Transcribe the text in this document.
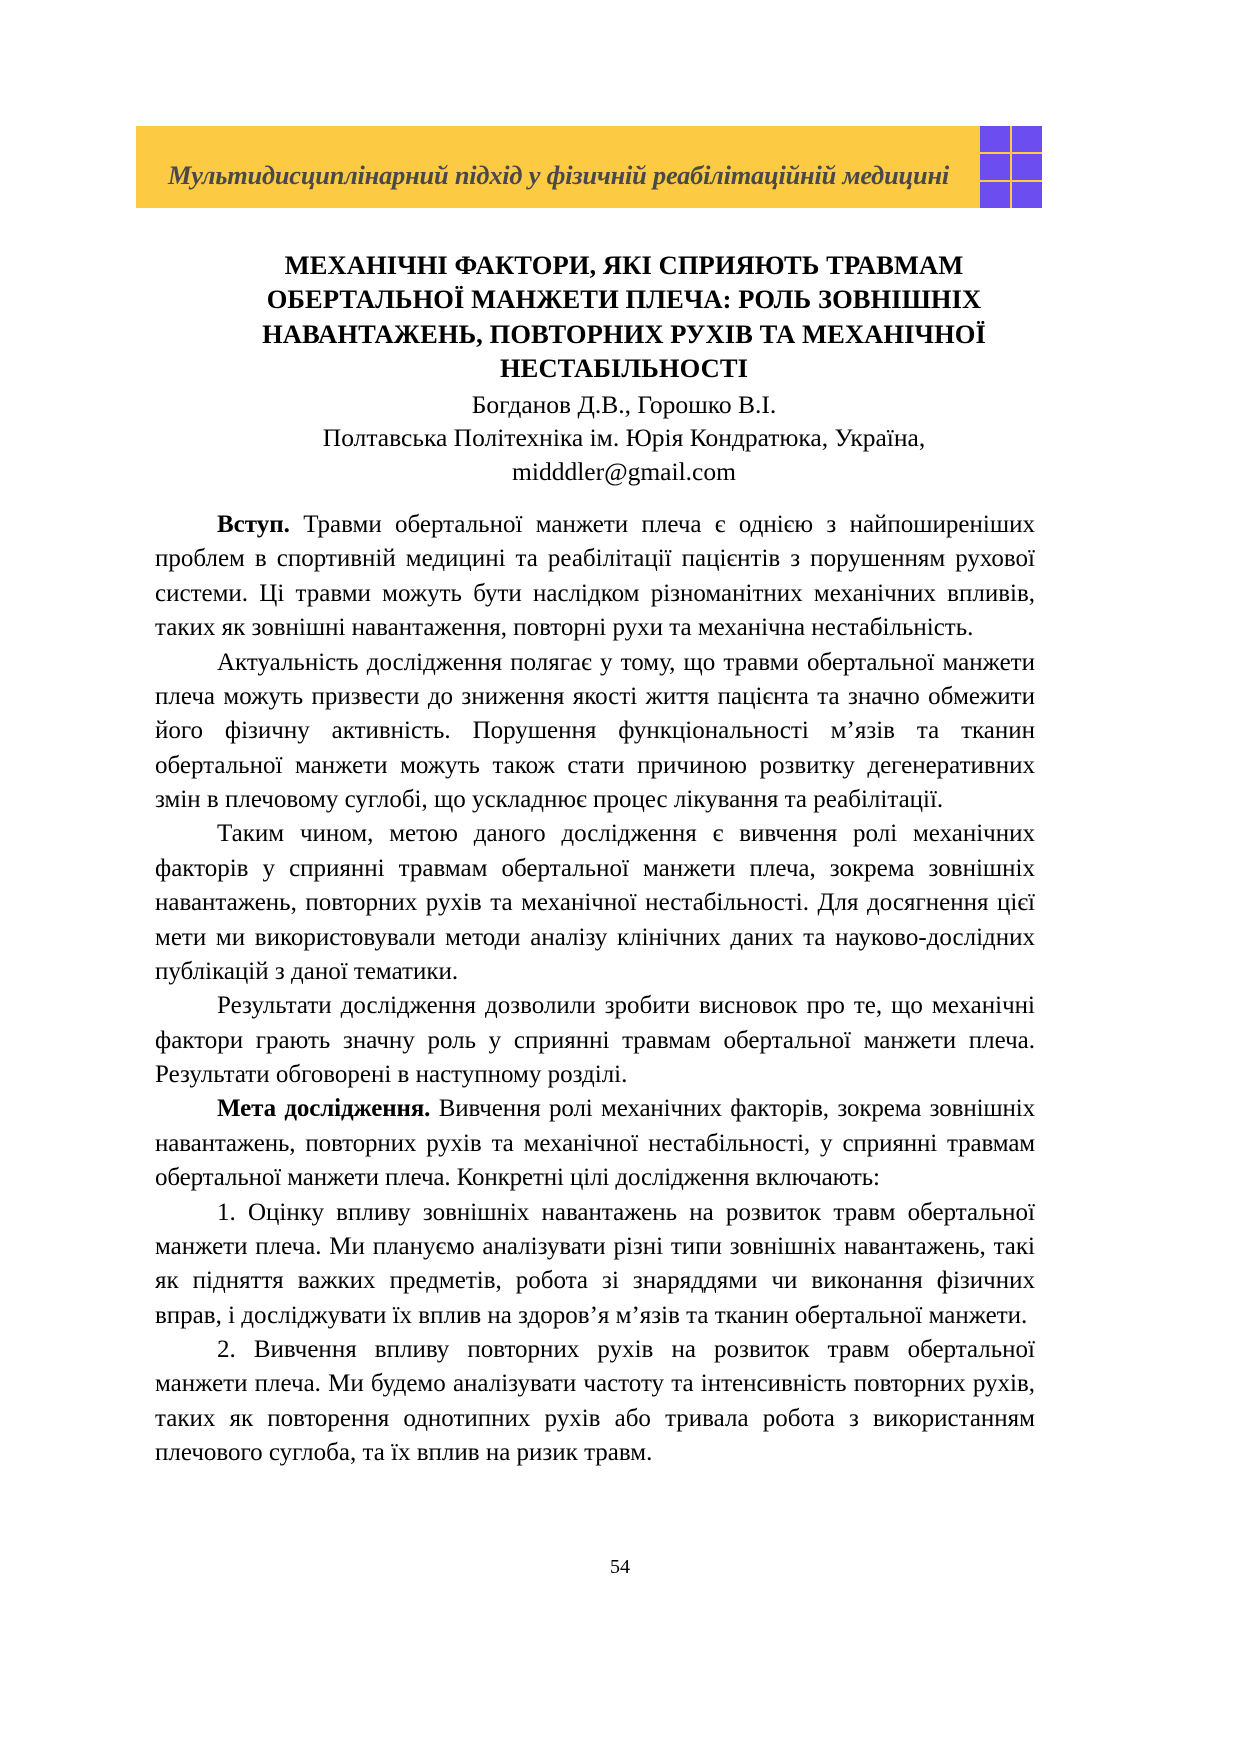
Мультидисциплінарний підхід у фізичній реабілітаційній медицині
МЕХАНІЧНІ ФАКТОРИ, ЯКІ СПРИЯЮТЬ ТРАВМАМ ОБЕРТАЛЬНОЇ МАНЖЕТИ ПЛЕЧА: РОЛЬ ЗОВНІШНІХ НАВАНТАЖЕНЬ, ПОВТОРНИХ РУХІВ ТА МЕХАНІЧНОЇ НЕСТАБІЛЬНОСТІ
Богданов Д.В., Горошко В.І.
Полтавська Політехніка ім. Юрія Кондратюка, Україна,
midddler@gmail.com

Вступ. Травми обертальної манжети плеча є однією з найпоширеніших проблем в спортивній медицині та реабілітації пацієнтів з порушенням рухової системи. Ці травми можуть бути наслідком різноманітних механічних впливів, таких як зовнішні навантаження, повторні рухи та механічна нестабільність.

Актуальність дослідження полягає у тому, що травми обертальної манжети плеча можуть призвести до зниження якості життя пацієнта та значно обмежити його фізичну активність. Порушення функціональності м’язів та тканин обертальної манжети можуть також стати причиною розвитку дегенеративних змін в плечовому суглобі, що ускладнює процес лікування та реабілітації.

Таким чином, метою даного дослідження є вивчення ролі механічних факторів у сприянні травмам обертальної манжети плеча, зокрема зовнішніх навантажень, повторних рухів та механічної нестабільності. Для досягнення цієї мети ми використовували методи аналізу клінічних даних та науково-дослідних публікацій з даної тематики.

Результати дослідження дозволили зробити висновок про те, що механічні фактори грають значну роль у сприянні травмам обертальної манжети плеча. Результати обговорені в наступному розділі.

Мета дослідження. Вивчення ролі механічних факторів, зокрема зовнішніх навантажень, повторних рухів та механічної нестабільності, у сприянні травмам обертальної манжети плеча. Конкретні цілі дослідження включають:

1. Оцінку впливу зовнішніх навантажень на розвиток травм обертальної манжети плеча. Ми плануємо аналізувати різні типи зовнішніх навантажень, такі як підняття важких предметів, робота зі знаряддями чи виконання фізичних вправ, і досліджувати їх вплив на здоров’я м’язів та тканин обертальної манжети.

2. Вивчення впливу повторних рухів на розвиток травм обертальної манжети плеча. Ми будемо аналізувати частоту та інтенсивність повторних рухів, таких як повторення однотипних рухів або тривала робота з використанням плечового суглоба, та їх вплив на ризик травм.

54
